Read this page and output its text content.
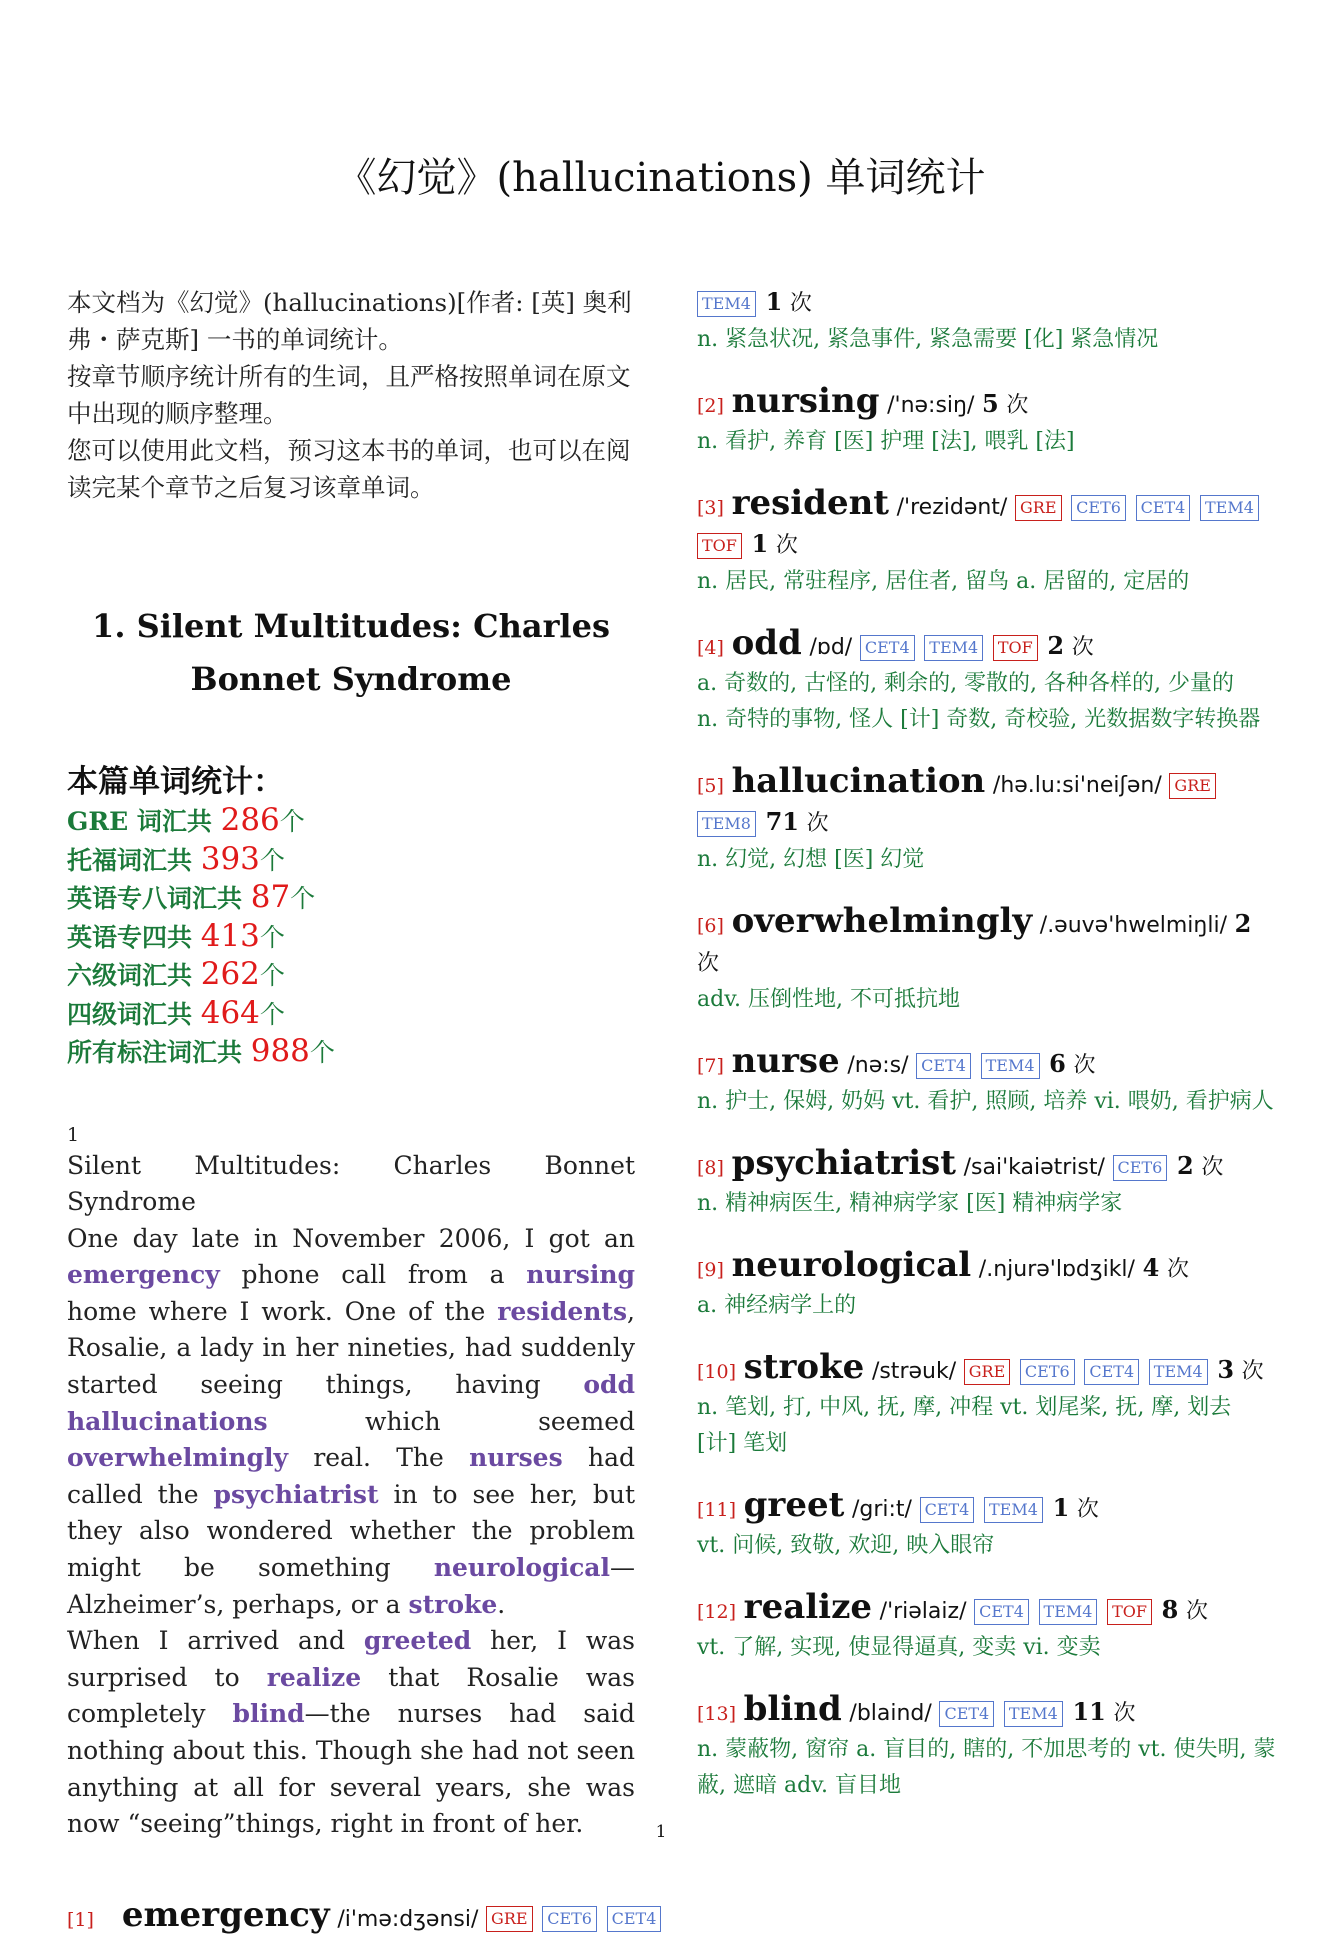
《幻觉》(hallucinations) 单词统计

本文档为《幻觉》(hallucinations)[作者: [英] 奥利弗・萨克斯] 一书的单词统计。

按章节顺序统计所有的生词，且严格按照单词在原文中出现的顺序整理。

您可以使用此文档，预习这本书的单词，也可以在阅读完某个章节之后复习该章单词。

1. Silent Multitudes: Charles Bonnet Syndrome
本篇单词统计：
GRE 词汇共 286个
托福词汇共 393个
英语专八词汇共 87个
英语专四共 413个
六级词汇共 262个
四级词汇共 464个
所有标注词汇共 988个
1

Silent Multitudes: Charles Bonnet Syndrome

One day late in November 2006, I got an emergency phone call from a nursing home where I work. One of the residents, Rosalie, a lady in her nineties, had suddenly started seeing things, having odd hallucinations which seemed overwhelmingly real. The nurses had called the psychiatrist in to see her, but they also wondered whether the problem might be something neurological—Alzheimer’s, perhaps, or a stroke.

When I arrived and greeted her, I was surprised to realize that Rosalie was completely blind—the nurses had said nothing about this. Though she had not seen anything at all for several years, she was now “seeing”things, right in front of her.

[1] emergency /i'mə:dʒənsi/ GRE CET6 CET4
TEM4 1 次

n. 紧急状况, 紧急事件, 紧急需要 [化] 紧急情况

[2] nursing /'nə:siŋ/ 5 次

n. 看护, 养育 [医] 护理 [法], 喂乳 [法]

[3] resident /'rezidənt/ GRE CET6 CET4 TEM4 TOF 1 次

n. 居民, 常驻程序, 居住者, 留鸟 a. 居留的, 定居的

[4] odd /ɒd/ CET4 TEM4 TOF 2 次

a. 奇数的, 古怪的, 剩余的, 零散的, 各种各样的, 少量的

n. 奇特的事物, 怪人 [计] 奇数, 奇校验, 光数据数字转换器

[5] hallucination /hə.lu:si'neiʃən/ GRE TEM8 71 次

n. 幻觉, 幻想 [医] 幻觉

[6] overwhelmingly /.əuvə'hwelmiŋli/ 2 次

adv. 压倒性地, 不可抵抗地

[7] nurse /nə:s/ CET4 TEM4 6 次

n. 护士, 保姆, 奶妈 vt. 看护, 照顾, 培养 vi. 喂奶, 看护病人

[8] psychiatrist /sai'kaiətrist/ CET6 2 次

n. 精神病医生, 精神病学家 [医] 精神病学家

[9] neurological /.njurə'lɒdʒikl/ 4 次

a. 神经病学上的

[10] stroke /strəuk/ GRE CET6 CET4 TEM4 3 次

n. 笔划, 打, 中风, 抚, 摩, 冲程 vt. 划尾桨, 抚, 摩, 划去 [计] 笔划

[11] greet /gri:t/ CET4 TEM4 1 次

vt. 问候, 致敬, 欢迎, 映入眼帘

[12] realize /'riəlaiz/ CET4 TEM4 TOF 8 次

vt. 了解, 实现, 使显得逼真, 变卖 vi. 变卖

[13] blind /blaind/ CET4 TEM4 11 次

n. 蒙蔽物, 窗帘 a. 盲目的, 瞎的, 不加思考的 vt. 使失明, 蒙蔽, 遮暗 adv. 盲目地

1
